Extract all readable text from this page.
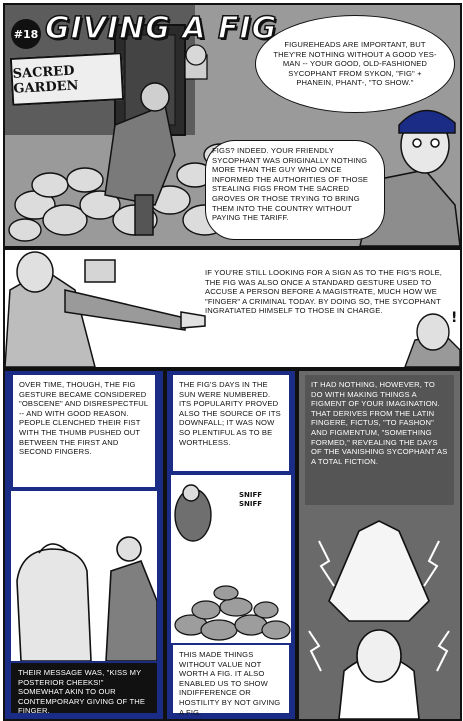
#18 GIVING A FIG
SACRED GARDEN
FIGUREHEADS ARE IMPORTANT, BUT THEY'RE NOTHING WITHOUT A GOOD YES-MAN -- YOUR GOOD, OLD-FASHIONED SYCOPHANT FROM SYKON, "FIG" + PHANEIN, PHANT-, "TO SHOW."
FIGS? INDEED. YOUR FRIENDLY SYCOPHANT WAS ORIGINALLY NOTHING MORE THAN THE GUY WHO ONCE INFORMED THE AUTHORITIES OF THOSE STEALING FIGS FROM THE SACRED GROVES OR THOSE TRYING TO BRING THEM INTO THE COUNTRY WITHOUT PAYING THE TARIFF.
IF YOU'RE STILL LOOKING FOR A SIGN AS TO THE FIG'S ROLE, THE FIG WAS ALSO ONCE A STANDARD GESTURE USED TO ACCUSE A PERSON BEFORE A MAGISTRATE, MUCH HOW WE "FINGER" A CRIMINAL TODAY. BY DOING SO, THE SYCOPHANT INGRATIATED HIMSELF TO THOSE IN CHARGE.	!
OVER TIME, THOUGH, THE FIG GESTURE BECAME CONSIDERED "OBSCENE" AND DISRESPECTFUL -- AND WITH GOOD REASON. PEOPLE CLENCHED THEIR FIST WITH THE THUMB PUSHED OUT BETWEEN THE FIRST AND SECOND FINGERS.
THEIR MESSAGE WAS, "KISS MY POSTERIOR CHEEKS!" SOMEWHAT AKIN TO OUR CONTEMPORARY GIVING OF THE FINGER.
THE FIG'S DAYS IN THE SUN WERE NUMBERED. ITS POPULARITY PROVED ALSO THE SOURCE OF ITS DOWNFALL; IT WAS NOW SO PLENTIFUL AS TO BE WORTHLESS.
SNIFF SNIFF
THIS MADE THINGS WITHOUT VALUE NOT WORTH A FIG. IT ALSO ENABLED US TO SHOW INDIFFERENCE OR HOSTILITY BY NOT GIVING A FIG.
IT HAD NOTHING, HOWEVER, TO DO WITH MAKING THINGS A FIGMENT OF YOUR IMAGINATION. THAT DERIVES FROM THE LATIN FINGERE, FICTUS, "TO FASHON" AND FIGMENTUM, "SOMETHING FORMED," REVEALING THE DAYS OF THE VANISHING SYCOPHANT AS A TOTAL FICTION.
